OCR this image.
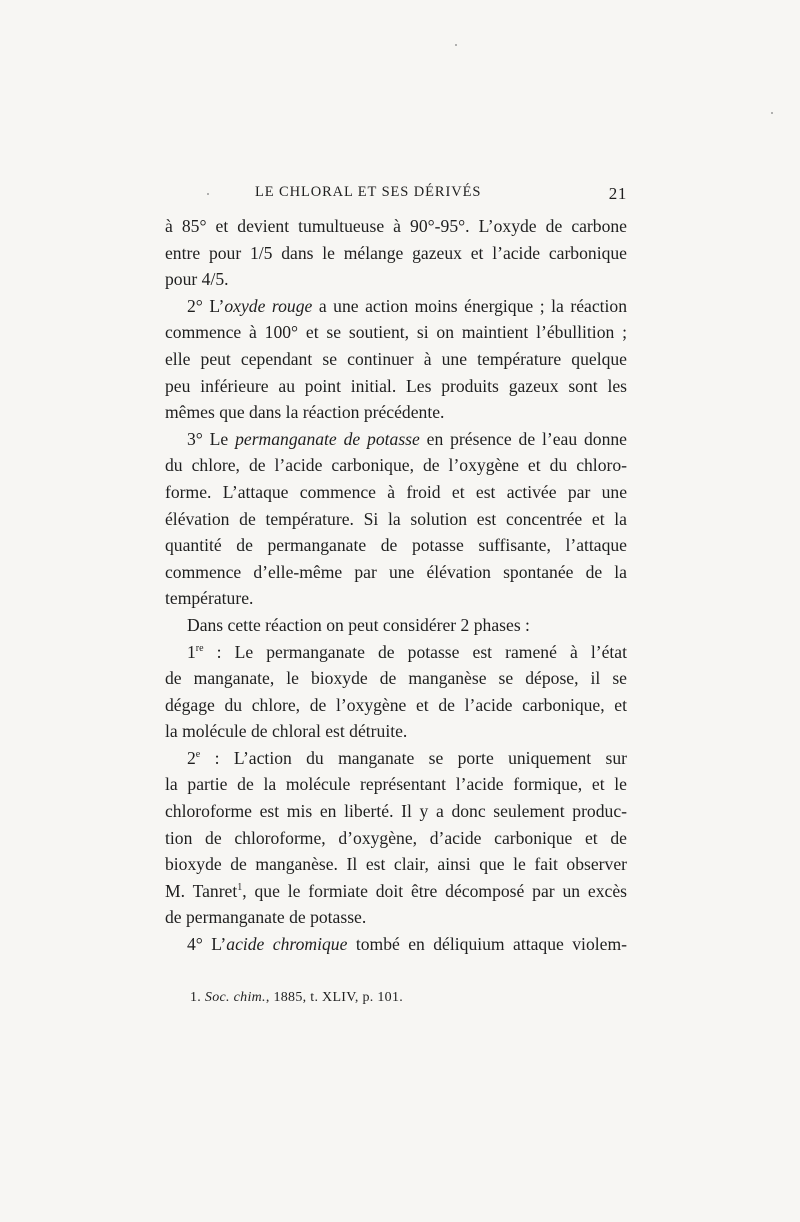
LE CHLORAL ET SES DÉRIVÉS	21
à 85° et devient tumultueuse à 90°-95°. L’oxyde de carbone
entre pour 1/5 dans le mélange gazeux et l’acide carbonique
pour 4/5.
2° L’oxyde rouge a une action moins énergique ; la réaction
commence à 100° et se soutient, si on maintient l’ébullition ;
elle peut cependant se continuer à une température quelque
peu inférieure au point initial. Les produits gazeux sont les
mêmes que dans la réaction précédente.
3° Le permanganate de potasse en présence de l’eau donne
du chlore, de l’acide carbonique, de l’oxygène et du chloro-
forme. L’attaque commence à froid et est activée par une
élévation de température. Si la solution est concentrée et la
quantité de permanganate de potasse suffisante, l’attaque
commence d’elle-même par une élévation spontanée de la
température.
Dans cette réaction on peut considérer 2 phases :
1re : Le permanganate de potasse est ramené à l’état
de manganate, le bioxyde de manganèse se dépose, il se
dégage du chlore, de l’oxygène et de l’acide carbonique, et
la molécule de chloral est détruite.
2e : L’action du manganate se porte uniquement sur
la partie de la molécule représentant l’acide formique, et le
chloroforme est mis en liberté. Il y a donc seulement produc-
tion de chloroforme, d’oxygène, d’acide carbonique et de
bioxyde de manganèse. Il est clair, ainsi que le fait observer
M. Tanret$^1$, que le formiate doit être décomposé par un excès
de permanganate de potasse.
4° L’acide chromique tombé en déliquium attaque violem-
1. Soc. chim., 1885, t. XLIV, p. 101.
